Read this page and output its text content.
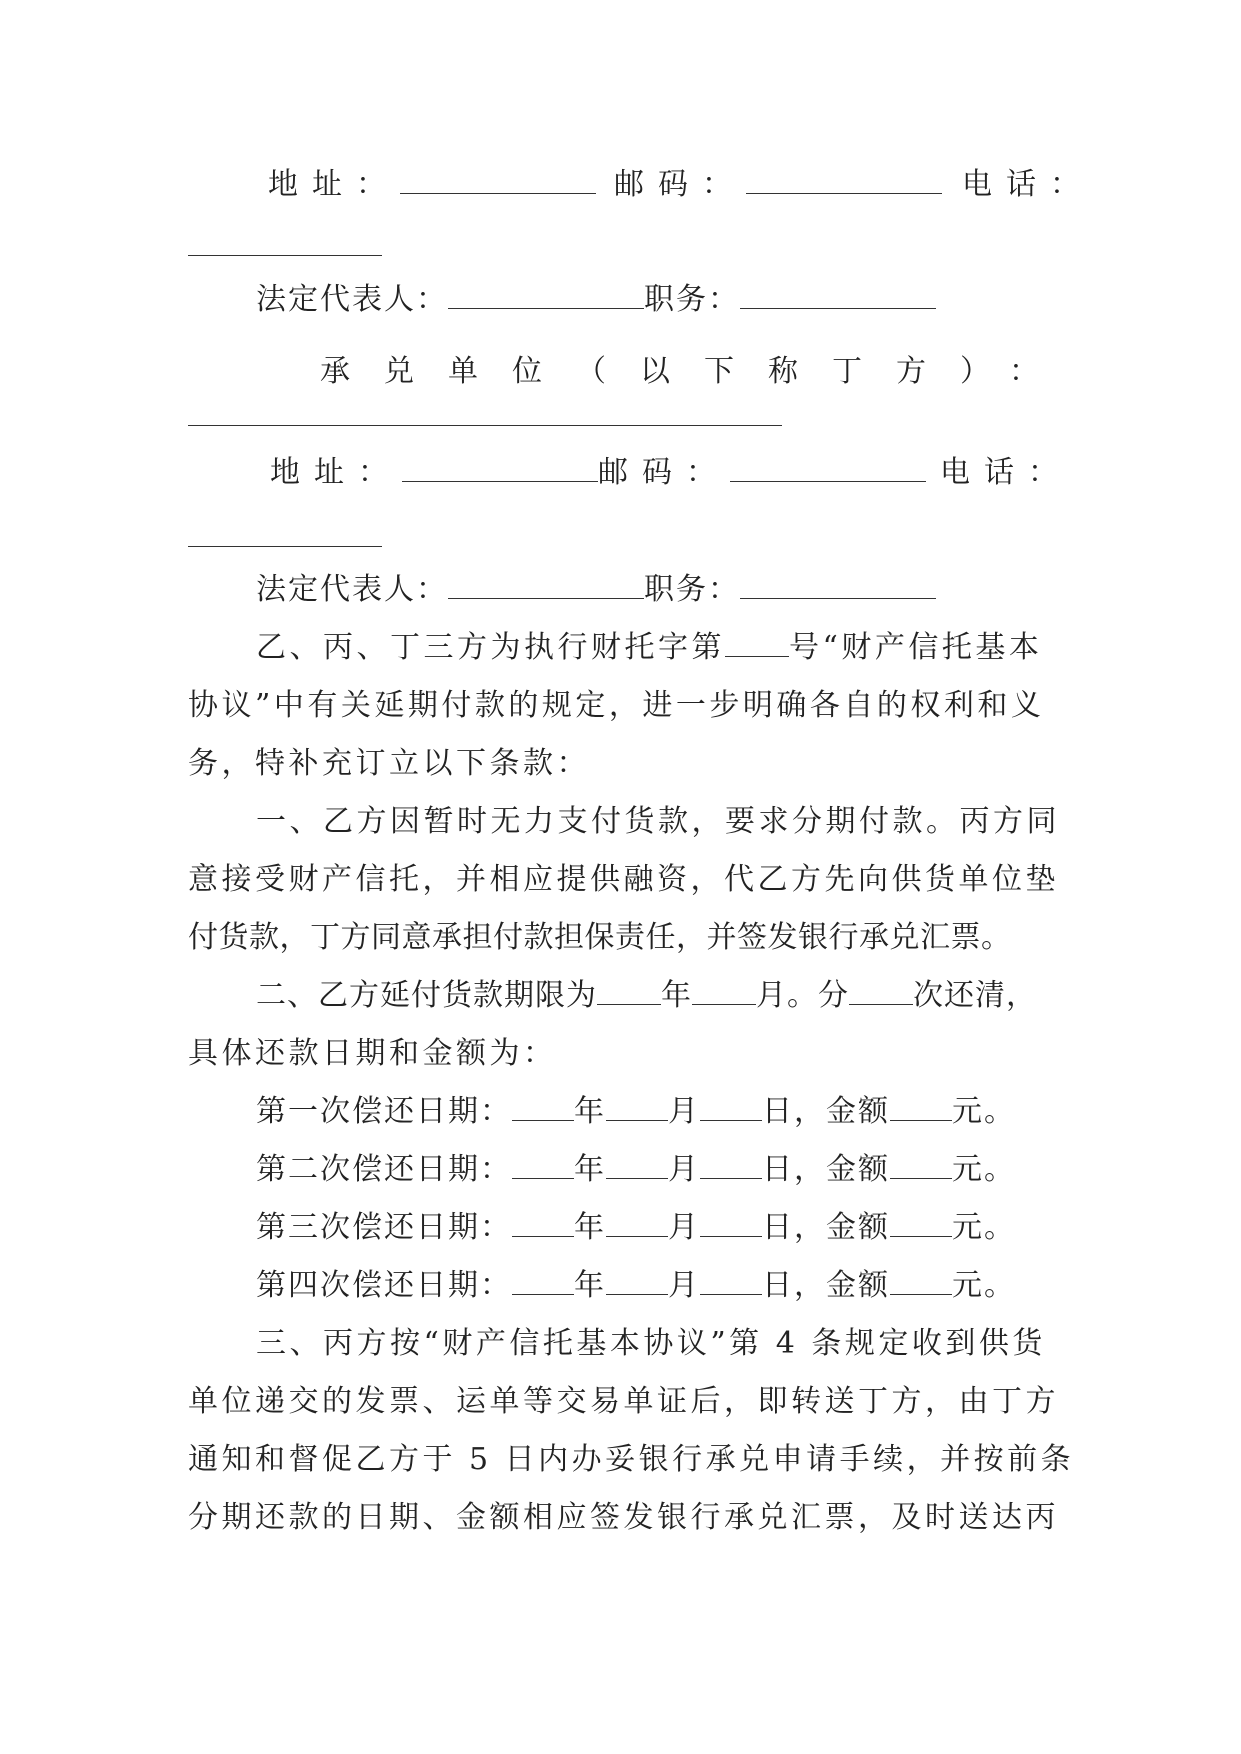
地址：	邮码：	电话：
法定代表人：	职务：
承兑单位（以下称丁方）：
地址：	邮码：	电话：
法定代表人：	职务：
乙、丙、丁三方为执行财托字第 号“财产信托基本
协议”中有关延期付款的规定，进一步明确各自的权利和义
务，特补充订立以下条款：
一、乙方因暂时无力支付货款，要求分期付款。丙方同
意接受财产信托，并相应提供融资，代乙方先向供货单位垫
付货款，丁方同意承担付款担保责任，并签发银行承兑汇票。
二、乙方延付货款期限为 年 月。分 次还清，
具体还款日期和金额为：
第一次偿还日期： 年 月 日，金额 元。
第二次偿还日期： 年 月 日，金额 元。
第三次偿还日期： 年 月 日，金额 元。
第四次偿还日期： 年 月 日，金额 元。
三、丙方按“财产信托基本协议”第 4 条规定收到供货
单位递交的发票、运单等交易单证后，即转送丁方，由丁方
通知和督促乙方于 5 日内办妥银行承兑申请手续，并按前条
分期还款的日期、金额相应签发银行承兑汇票，及时送达丙
